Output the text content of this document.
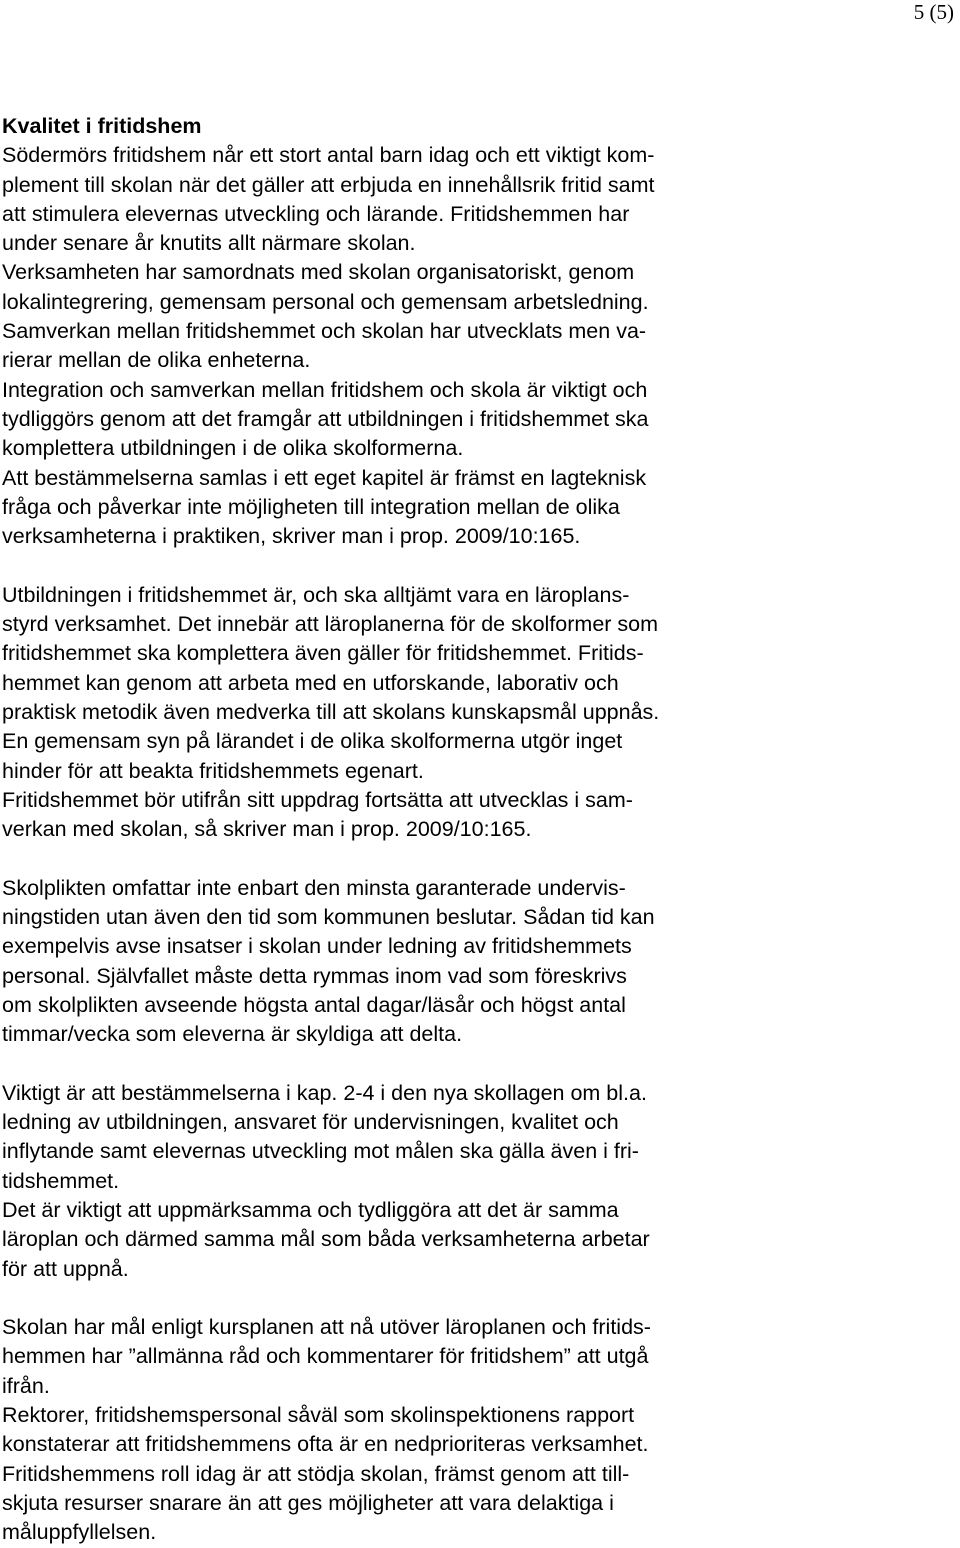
5 (5)
Kvalitet i fritidshem
Södermörs fritidshem når ett stort antal barn idag och ett viktigt kom-
plement till skolan när det gäller att erbjuda en innehållsrik fritid samt
att stimulera elevernas utveckling och lärande. Fritidshemmen har
under senare år knutits allt närmare skolan.
Verksamheten har samordnats med skolan organisatoriskt, genom
lokalintegrering, gemensam personal och gemensam arbetsledning.
Samverkan mellan fritidshemmet och skolan har utvecklats men va-
rierar mellan de olika enheterna.
Integration och samverkan mellan fritidshem och skola är viktigt och
tydliggörs genom att det framgår att utbildningen i fritidshemmet ska
komplettera utbildningen i de olika skolformerna.
Att bestämmelserna samlas i ett eget kapitel är främst en lagteknisk
fråga och påverkar inte möjligheten till integration mellan de olika
verksamheterna i praktiken, skriver man i prop. 2009/10:165.
Utbildningen i fritidshemmet är, och ska alltjämt vara en läroplans-
styrd verksamhet. Det innebär att läroplanerna för de skolformer som
fritidshemmet ska komplettera även gäller för fritidshemmet. Fritids-
hemmet kan genom att arbeta med en utforskande, laborativ och
praktisk metodik även medverka till att skolans kunskapsmål uppnås.
En gemensam syn på lärandet i de olika skolformerna utgör inget
hinder för att beakta fritidshemmets egenart.
Fritidshemmet bör utifrån sitt uppdrag fortsätta att utvecklas i sam-
verkan med skolan, så skriver man i prop. 2009/10:165.
Skolplikten omfattar inte enbart den minsta garanterade undervis-
ningstiden utan även den tid som kommunen beslutar. Sådan tid kan
exempelvis avse insatser i skolan under ledning av fritidshemmets
personal. Självfallet måste detta rymmas inom vad som föreskrivs
om skolplikten avseende högsta antal dagar/läsår och högst antal
timmar/vecka som eleverna är skyldiga att delta.
Viktigt är att bestämmelserna i kap. 2-4 i den nya skollagen om bl.a.
ledning av utbildningen, ansvaret för undervisningen, kvalitet och
inflytande samt elevernas utveckling mot målen ska gälla även i fri-
tidshemmet.
Det är viktigt att uppmärksamma och tydliggöra att det är samma
läroplan och därmed samma mål som båda verksamheterna arbetar
för att uppnå.
Skolan har mål enligt kursplanen att nå utöver läroplanen och fritids-
hemmen har ”allmänna råd och kommentarer för fritidshem” att utgå
ifrån.
Rektorer, fritidshemspersonal såväl som skolinspektionens rapport
konstaterar att fritidshemmens ofta är en nedprioriteras verksamhet.
Fritidshemmens roll idag är att stödja skolan, främst genom att till-
skjuta resurser snarare än att ges möjligheter att vara delaktiga i
måluppfyllelsen.
